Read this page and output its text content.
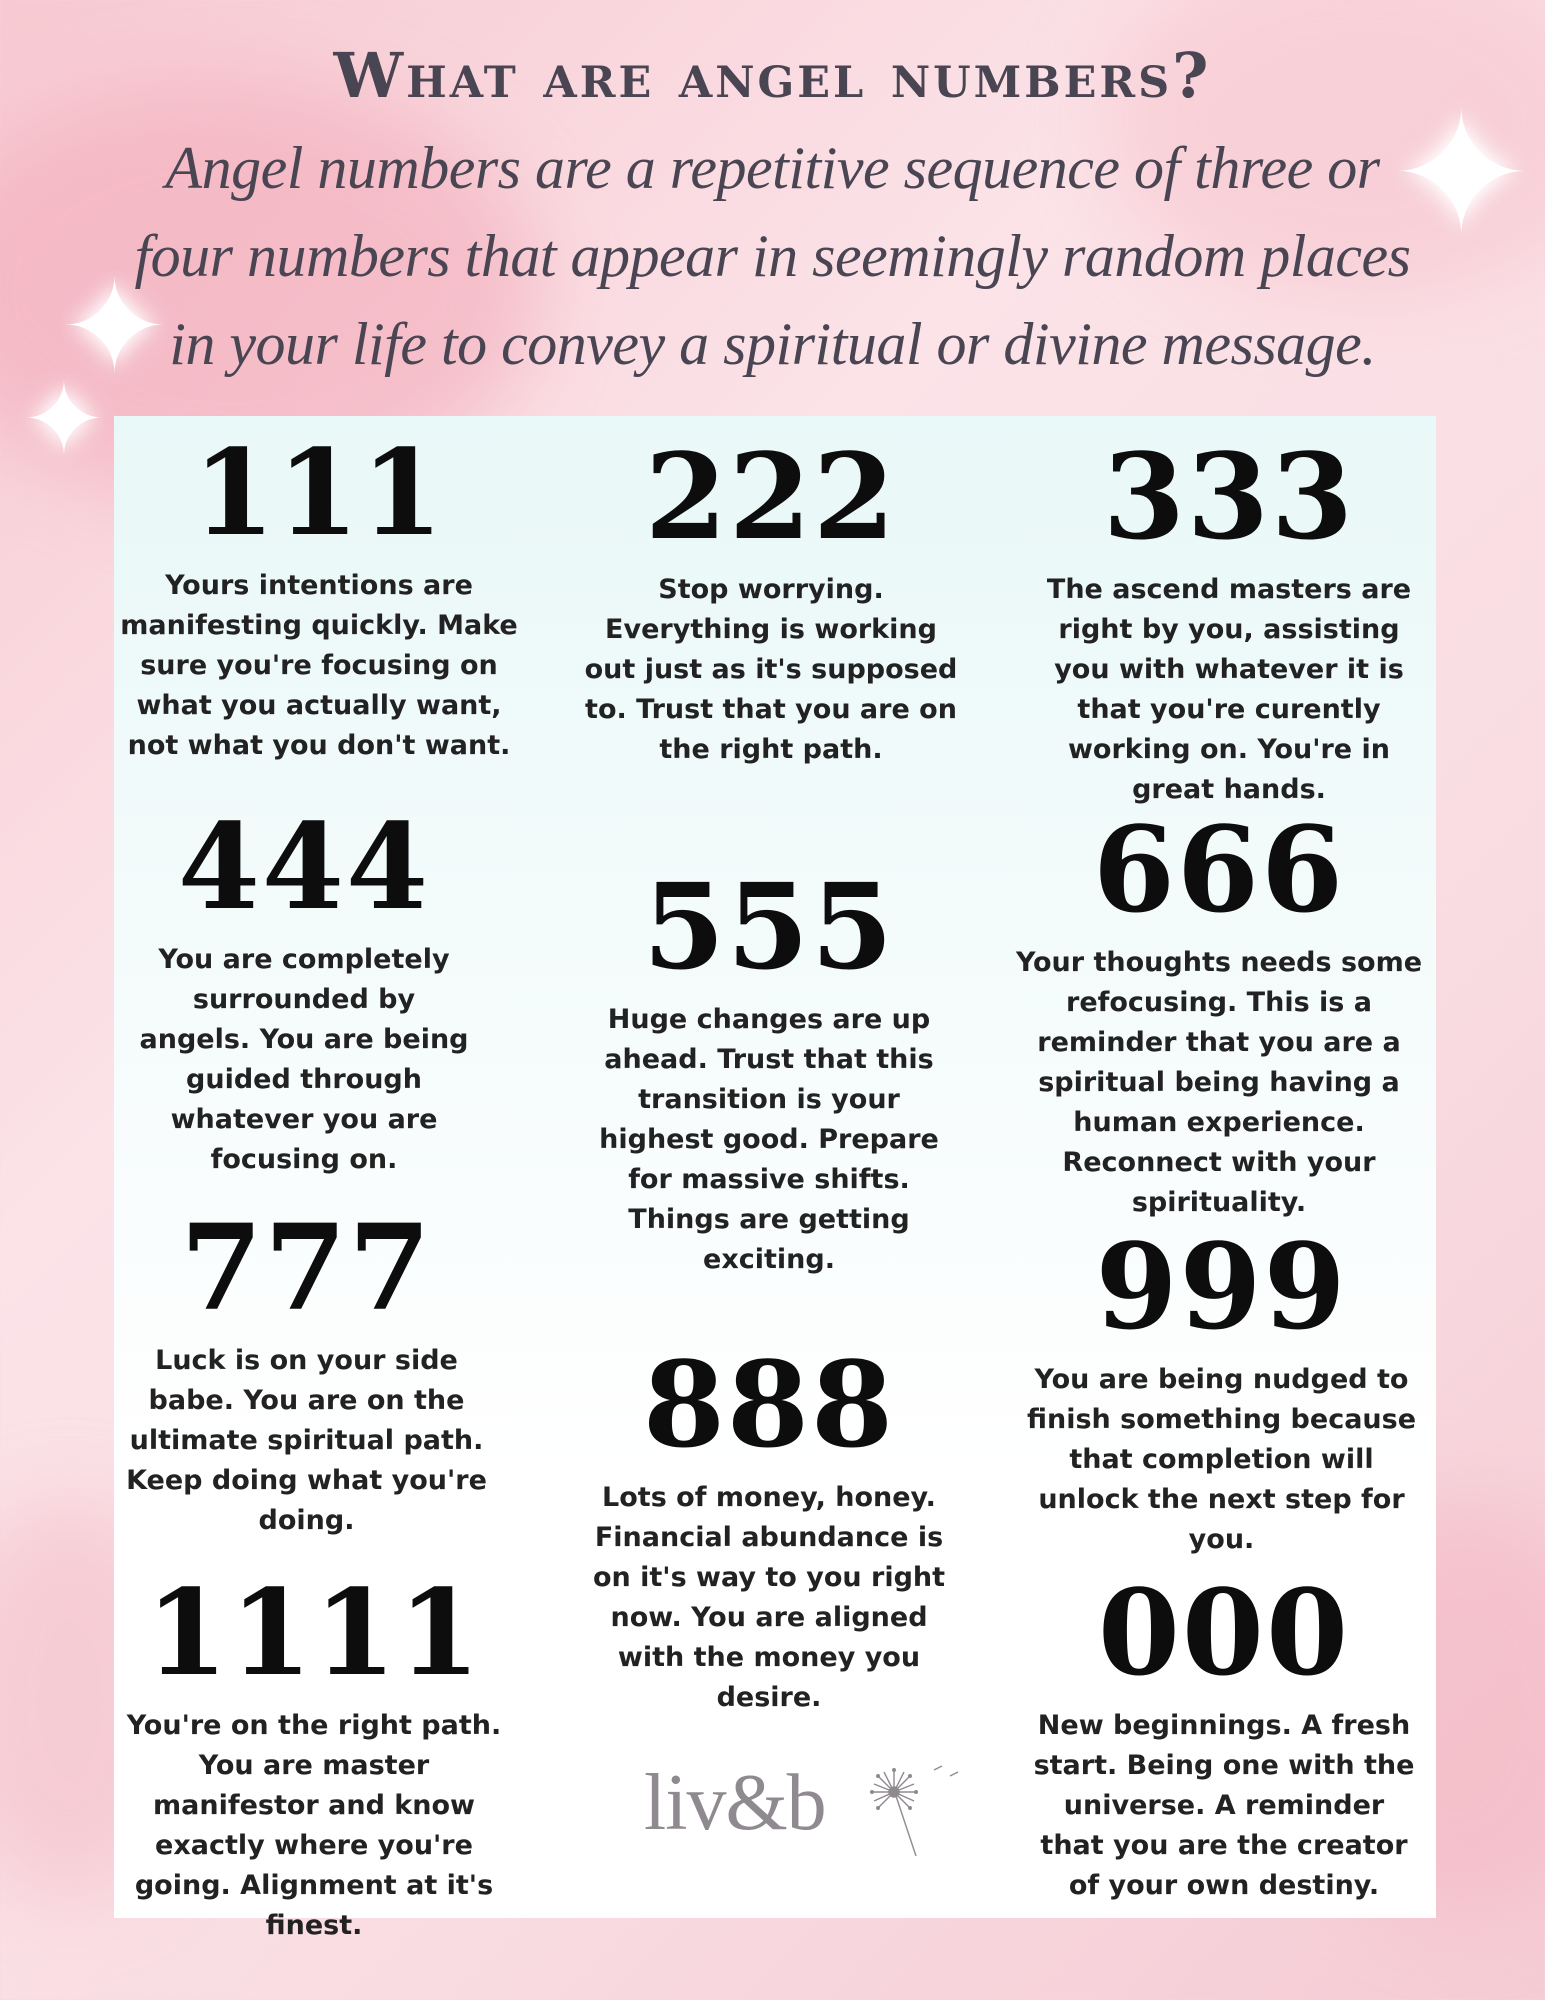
✦
✦
✦
What are angel numbers?

Angel numbers are a repetitive sequence of three or four numbers that appear in seemingly random places in your life to convey a spiritual or divine message.

111
Yours intentions are manifesting quickly. Make sure you're focusing on what you actually want, not what you don't want.
222
Stop worrying. Everything is working out just as it's supposed to. Trust that you are on the right path.
333
The ascend masters are right by you, assisting you with whatever it is that you're curently working on. You're in great hands.
444
You are completely surrounded by angels. You are being guided through whatever you are focusing on.
555
Huge changes are up ahead. Trust that this transition is your highest good. Prepare for massive shifts. Things are getting exciting.
666
Your thoughts needs some refocusing. This is a reminder that you are a spiritual being having a human experience. Reconnect with your spirituality.
777
Luck is on your side babe. You are on the ultimate spiritual path. Keep doing what you're doing.
888
Lots of money, honey. Financial abundance is on it's way to you right now. You are aligned with the money you desire.
999
You are being nudged to finish something because that completion will unlock the next step for you.
1111
You're on the right path. You are master manifestor and know exactly where you're going. Alignment at it's finest.
000
New beginnings. A fresh start. Being one with the universe. A reminder that you are the creator of your own destiny.
liv&b
